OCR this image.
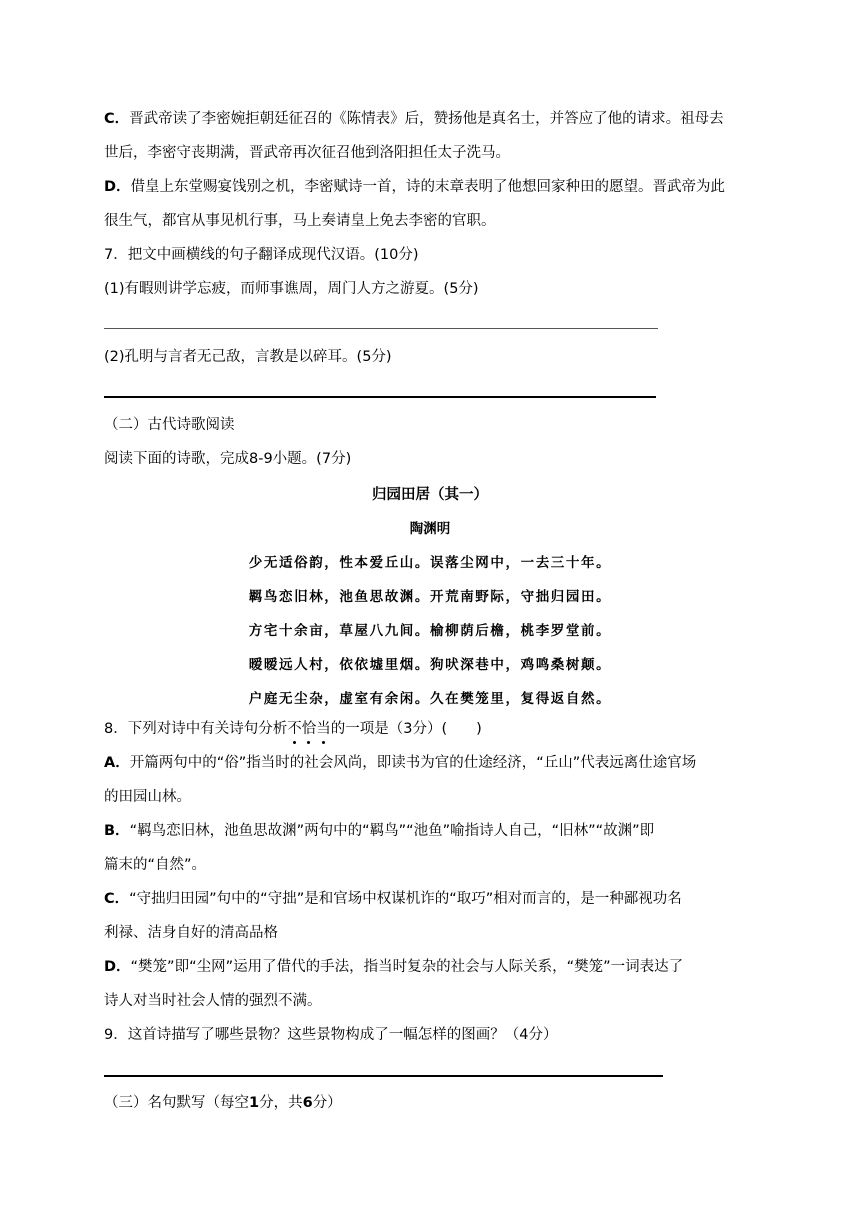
C．晋武帝读了李密婉拒朝廷征召的《陈情表》后，赞扬他是真名士，并答应了他的请求。祖母去
世后，李密守丧期满，晋武帝再次征召他到洛阳担任太子洗马。
D．借皇上东堂赐宴饯别之机，李密赋诗一首，诗的末章表明了他想回家种田的愿望。晋武帝为此
很生气，都官从事见机行事，马上奏请皇上免去李密的官职。
7．把文中画横线的句子翻译成现代汉语。(10分)
(1)有暇则讲学忘疲，而师事谯周，周门人方之游夏。(5分)
(2)孔明与言者无己敌，言教是以碎耳。(5分)
（二）古代诗歌阅读
阅读下面的诗歌，完成8-9小题。(7分)
归园田居（其一）
陶渊明
少无适俗韵，性本爱丘山。误落尘网中，一去三十年。
羁鸟恋旧林，池鱼思故渊。开荒南野际，守拙归园田。
方宅十余亩，草屋八九间。榆柳荫后檐，桃李罗堂前。
暧暧远人村，依依墟里烟。狗吠深巷中，鸡鸣桑树颠。
户庭无尘杂，虚室有余闲。久在樊笼里，复得返自然。
8．下列对诗中有关诗句分析不恰当的一项是（3分）(　　)
A．开篇两句中的“俗”指当时的社会风尚，即读书为官的仕途经济，“丘山”代表远离仕途官场
的田园山林。
B．“羁鸟恋旧林，池鱼思故渊”两句中的“羁鸟”“池鱼”喻指诗人自己，“旧林”“故渊”即
篇末的“自然”。
C．“守拙归田园”句中的“守拙”是和官场中权谋机诈的“取巧”相对而言的，是一种鄙视功名
利禄、洁身自好的清高品格
D．“樊笼”即“尘网”运用了借代的手法，指当时复杂的社会与人际关系，“樊笼”一词表达了
诗人对当时社会人情的强烈不满。
9．这首诗描写了哪些景物？这些景物构成了一幅怎样的图画？（4分）
（三）名句默写（每空1分，共6分）
